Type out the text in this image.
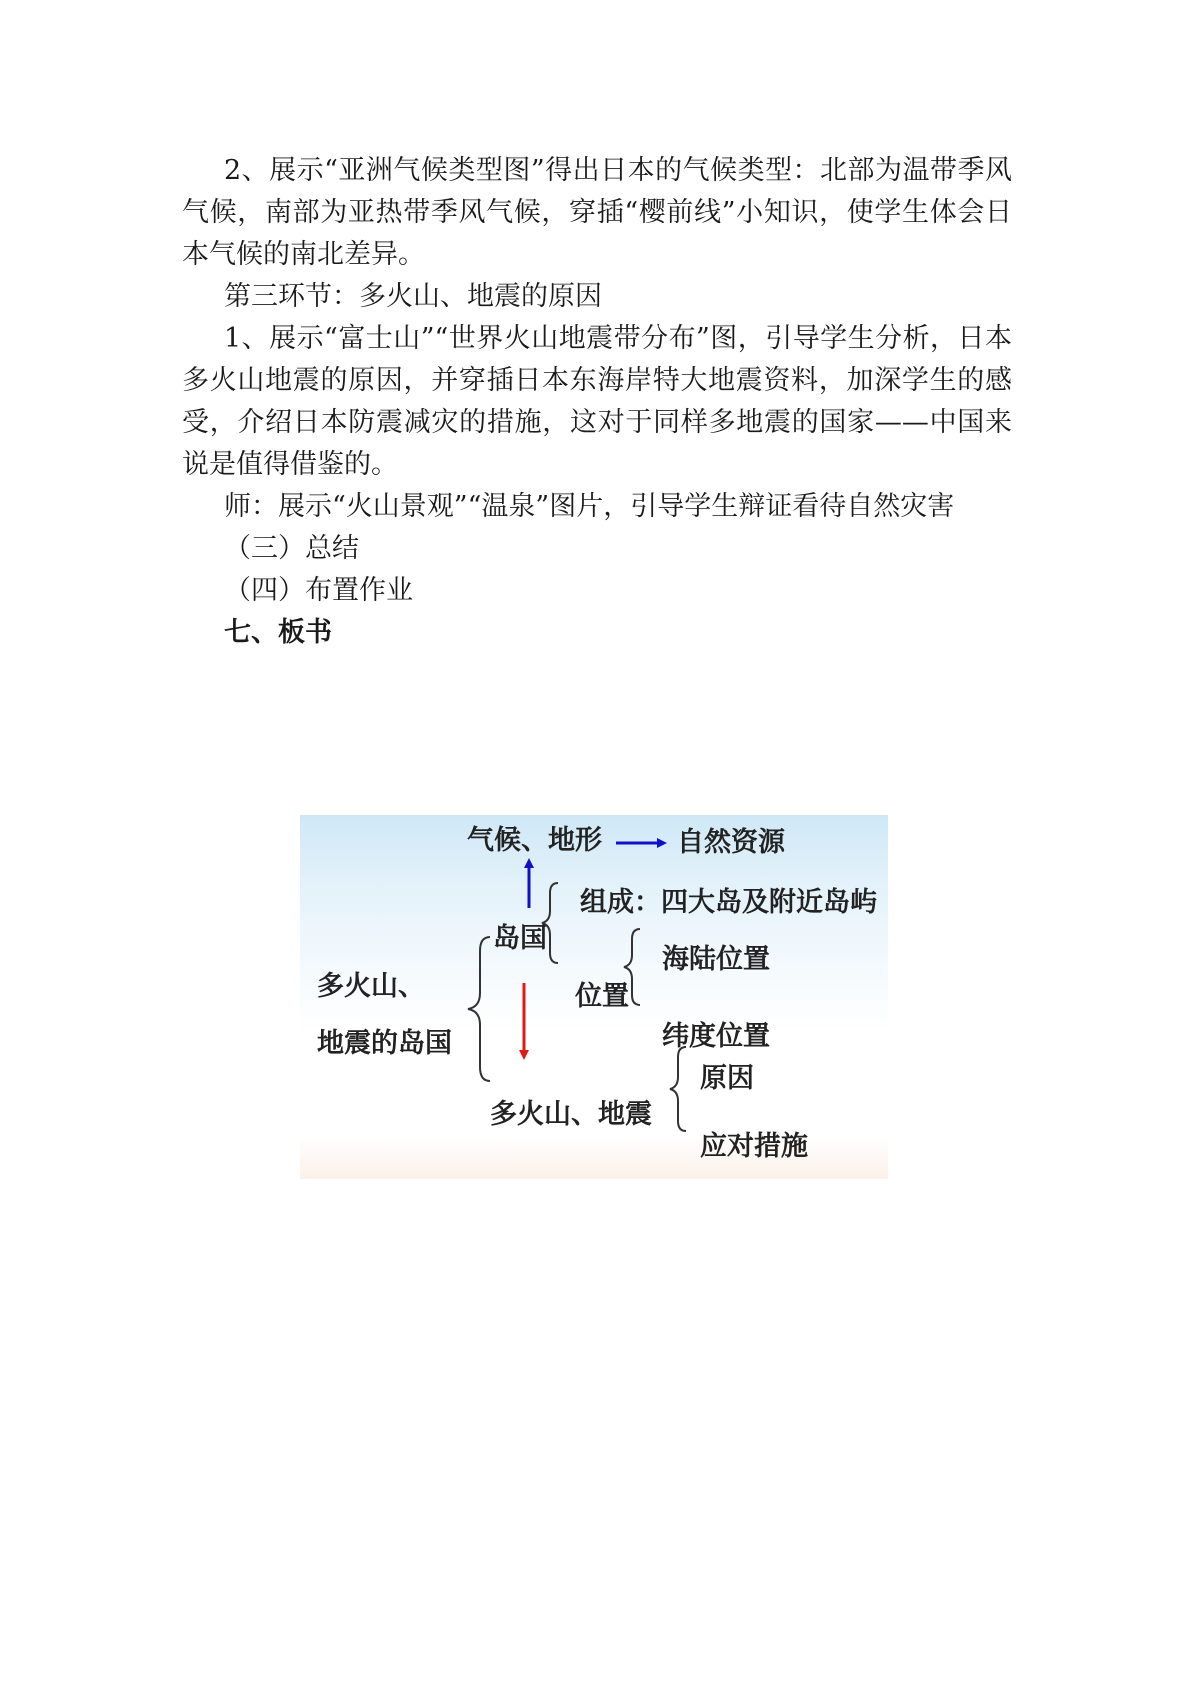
2、展示“亚洲气候类型图”得出日本的气候类型：北部为温带季风气候，南部为亚热带季风气候，穿插“樱前线”小知识，使学生体会日本气候的南北差异。

第三环节：多火山、地震的原因

1、展示“富士山”“世界火山地震带分布”图，引导学生分析，日本多火山地震的原因，并穿插日本东海岸特大地震资料，加深学生的感受，介绍日本防震减灾的措施，这对于同样多地震的国家——中国来说是值得借鉴的。

师：展示“火山景观”“温泉”图片，引导学生辩证看待自然灾害

（三）总结

（四）布置作业

七、板书

气候、地形	自然资源
组成：四大岛及附近岛屿
岛国
海陆位置
多火山、	位置
地震的岛国	纬度位置
原因
多火山、地震
应对措施
